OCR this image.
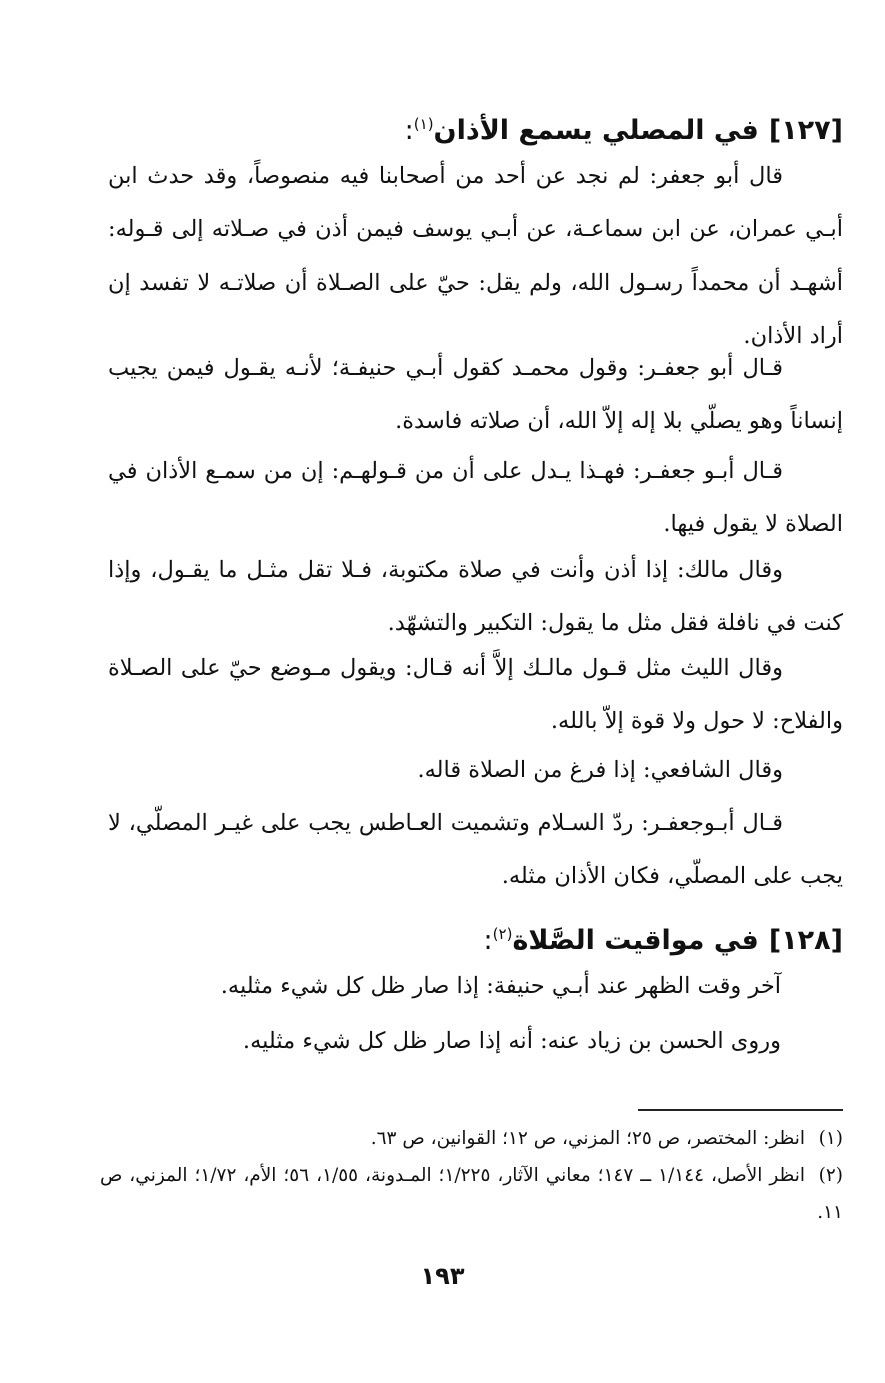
[١٢٧]في المصلي يسمع الأذان$^{(١)}$:

قال أبو جعفر: لم نجد عن أحد من أصحابنا فيه منصوصاً، وقد حدث ابن أبـي عمران، عن ابن سماعـة، عن أبـي يوسف فيمن أذن في صـلاته إلى قـوله: أشهـد أن محمداً رسـول الله، ولم يقل: حيّ على الصـلاة أن صلاتـه لا تفسد إن أراد الأذان.

قـال أبو جعفـر: وقول محمـد كقول أبـي حنيفـة؛ لأنـه يقـول فيمن يجيب إنساناً وهو يصلّي بلا إله إلاّ الله، أن صلاته فاسدة.

قـال أبـو جعفـر: فهـذا يـدل على أن من قـولهـم: إن من سمـع الأذان في الصلاة لا يقول فيها.

وقال مالك: إذا أذن وأنت في صلاة مكتوبة، فـلا تقل مثـل ما يقـول، وإذا كنت في نافلة فقل مثل ما يقول: التكبير والتشهّد.

وقال الليث مثل قـول مالـك إلاَّ أنه قـال: ويقول مـوضع حيّ على الصـلاة والفلاح: لا حول ولا قوة إلاّ بالله.

وقال الشافعي: إذا فرغ من الصلاة قاله.

قـال أبـوجعفـر: ردّ السـلام وتشميت العـاطس يجب على غيـر المصلّي، لا يجب على المصلّي، فكان الأذان مثله.

[١٢٨]في مواقيت الصَّلاة$^{(٢)}$:

آخر وقت الظهر عند أبـي حنيفة: إذا صار ظل كل شيء مثليه.

وروى الحسن بن زياد عنه: أنه إذا صار ظل كل شيء مثليه.

(١)انظر: المختصر، ص ٢٥؛ المزني، ص ١٢؛ القوانين، ص ٦٣.
(٢)انظر الأصل، ١/١٤٤ ــ ١٤٧؛ معاني الآثار، ١/٢٢٥؛ المـدونة، ١/٥٥، ٥٦؛ الأم، ١/٧٢؛ المزني، ص ١١.
١٩٣
